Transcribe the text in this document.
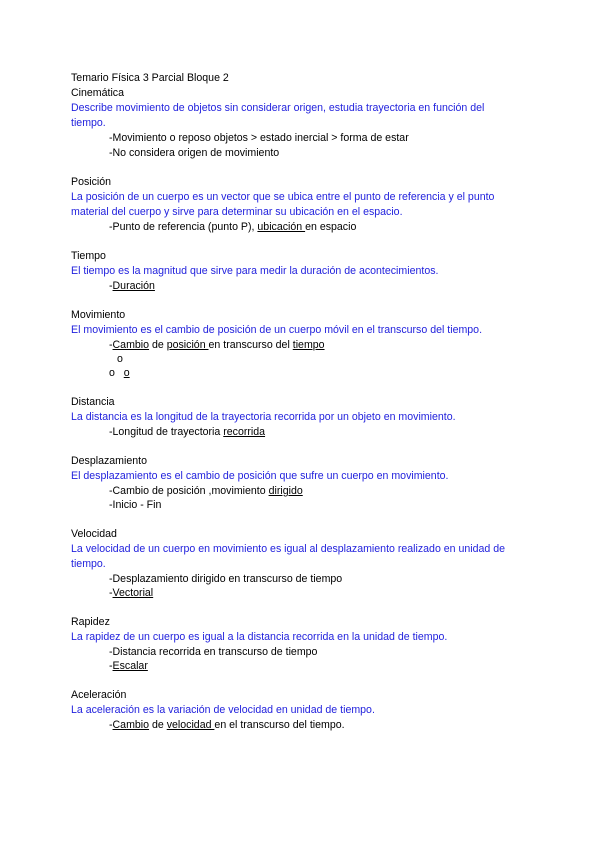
Temario Física 3 Parcial Bloque 2
Cinemática
Describe movimiento de objetos sin considerar origen, estudia trayectoria en función del
tiempo.
-Movimiento o reposo objetos > estado inercial > forma de estar
-No considera origen de movimiento
Posición
La posición de un cuerpo es un vector que se ubica entre el punto de referencia y el punto
material del cuerpo y sirve para determinar su ubicación en el espacio.
-Punto de referencia (punto P), ubicación en espacio
Tiempo
El tiempo es la magnitud que sirve para medir la duración de acontecimientos.
-Duración
Movimiento
El movimiento es el cambio de posición de un cuerpo móvil en el transcurso del tiempo.
-Cambio de posición en transcurso del tiempo
o
o   o
Distancia
La distancia es la longitud de la trayectoria recorrida por un objeto en movimiento.
-Longitud de trayectoria recorrida
Desplazamiento
El desplazamiento es el cambio de posición que sufre un cuerpo en movimiento.
-Cambio de posición ,movimiento dirigido
-Inicio - Fin
Velocidad
La velocidad de un cuerpo en movimiento es igual al desplazamiento realizado en unidad de
tiempo.
-Desplazamiento dirigido en transcurso de tiempo
-Vectorial
Rapidez
La rapidez de un cuerpo es igual a la distancia recorrida en la unidad de tiempo.
-Distancia recorrida en transcurso de tiempo
-Escalar
Aceleración
La aceleración es la variación de velocidad en unidad de tiempo.
-Cambio de velocidad en el transcurso del tiempo.
